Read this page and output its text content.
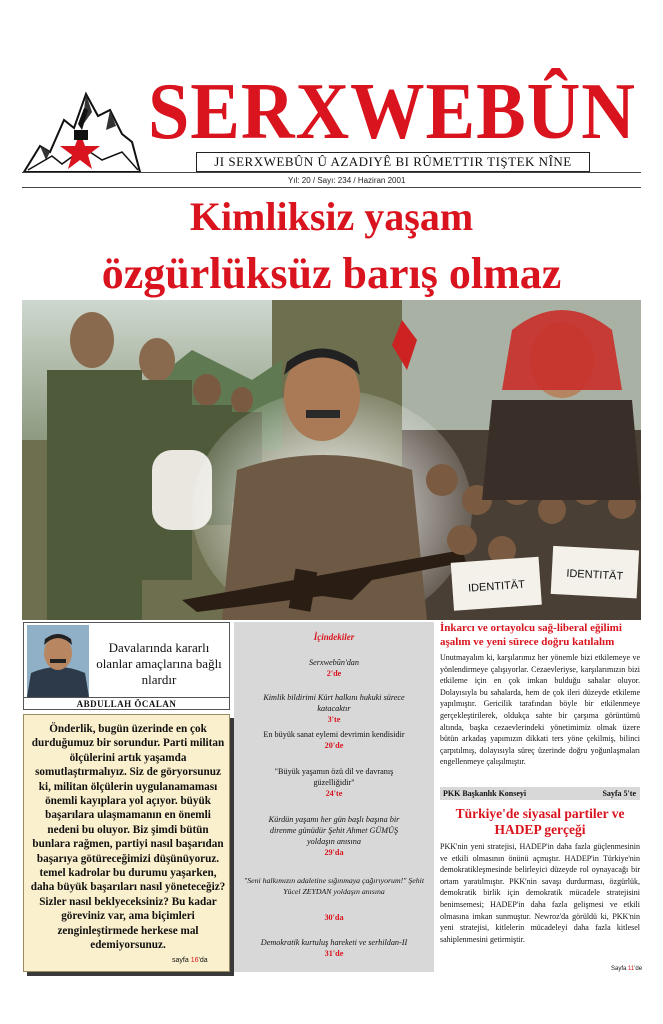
SERXWEBÛN
JI SERXWEBÛN Û AZADIYÊ BI RÛMETTIR TIŞTEK NÎNE
Yıl: 20 / Sayı: 234 / Haziran 2001
Kimliksiz yaşam
özgürlüksüz barış olmaz
IDENTITÄT
IDENTITÄT
Davalarında kararlı olanlar amaçlarına bağlı nlardır
ABDULLAH ÖCALAN
Önderlik, bugün üzerinde en çok durduğumuz bir sorundur. Parti militan ölçülerini artık yaşamda somutlaştırmalıyız. Siz de göryorsunuz ki, militan ölçülerin uygulanamaması önemli kayıplara yol açıyor. büyük başarılara ulaşmamanın en önemli nedeni bu oluyor. Biz şimdi bütün bunlara rağmen, partiyi nasıl başarıdan başarıya götüreceğimizi düşünüyoruz. temel kadrolar bu durumu yaşarken, daha büyük başarıları nasıl yöneteceğiz? Sizler nasıl beklyeceksiniz? Bu kadar göreviniz var, ama biçimleri zenginleştirmede herkese mal edemiyorsunuz.
sayfa 16'da
İçindekiler
Serxwebûn'dan
2'de
Kimlik bildirimi Kürt halkını hukuki sürece katacaktır
3'te
En büyük sanat eylemi devrimin kendisidir
20'de
"Büyük yaşamın özü dil ve davranış güzelliğidir"
24'te
Kürdün yaşamı her gün başlı başına bir direnme günüdür Şehit Ahmet GÜMÜŞ yoldaşın anısına
29'da
"Seni halkımızın adaletine sığınmaya çağırıyorum!" Şehit Yücel ZEYDAN yoldaşın anısına
30'da
Demokratik kurtuluş hareketi ve serhildan-II
31'de
İnkarcı ve ortayolcu sağ-liberal eğilimi aşalım ve yeni sürece doğru katılalım
Unutmayalım ki, karşılarımız her yönemle bizi etkilemeye ve yönlendirmeye çalışıyorlar. Cezaevleriyse, karşılarımızın bizi etkileme için en çok imkan bulduğu sahalar oluyor. Dolayısıyla bu sahalarda, hem de çok ileri düzeyde etkileme yapılmıştır. Gericilik tarafından böyle bir etkilenmeye gerçekleştirilerek, oldukça sahte bir çarşıma görüntümü altında, başka cezaevlerindeki yönetimimiz olmak üzere bütün arkadaş yapımızın dikkati ters yöne çekilmiş, bilinci çarpıtılmış, dolayısıyla süreç üzerinde doğru yoğunlaşmaları engellenmeye çalışılmıştır.
PKK Başkanlık Konseyi	Sayfa 5'te
Türkiye'de siyasal partiler ve HADEP gerçeği
PKK'nin yeni stratejisi, HADEP'in daha fazla güçlenmesinin ve etkili olmasının önünü açmıştır. HADEP'in Türkiye'nin demokratikleşmesinde belirleyici düzeyde rol oynayacağı bir ortam yaratılmıştır. PKK'nin savaşı durdurması, özgürlük, demokratik birlik için demokratik mücadele stratejisini benimsemesi; HADEP'in daha fazla gelişmesi ve etkili olmasına imkan sunmuştur. Newroz'da görüldü ki, PKK'nin yeni stratejisi, kitlelerin mücadeleyi daha fazla kitlesel sahiplenmesini getirmiştir.
Sayfa 11'de
